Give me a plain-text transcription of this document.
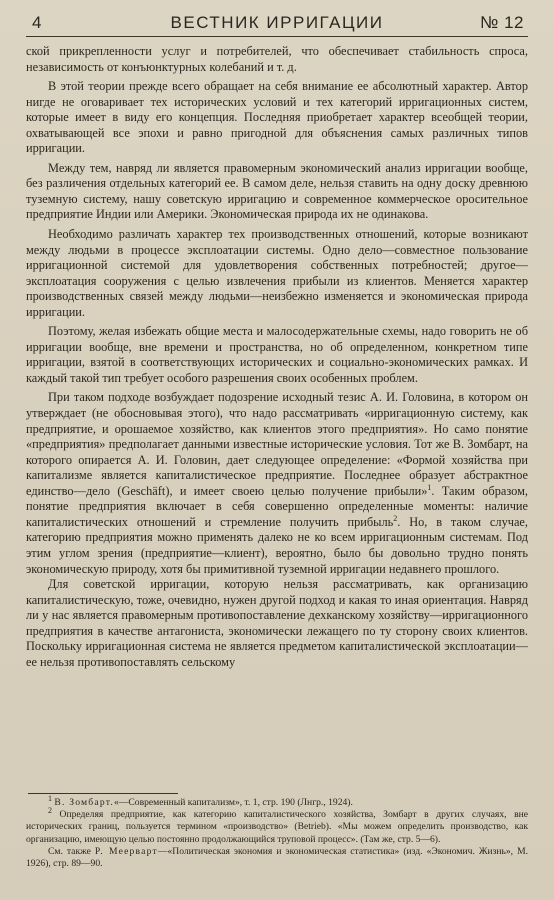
4	ВЕСТНИК ИРРИГАЦИИ	№ 12

ской прикрепленности услуг и потребителей, что обеспечивает стабильность спроса, независимость от конъюнктурных колебаний и т. д.

В этой теории прежде всего обращает на себя внимание ее абсолютный характер. Автор нигде не оговаривает тех исторических условий и тех категорий ирригационных систем, которые имеет в виду его концепция. Последняя приобретает характер всеобщей теории, охватывающей все эпохи и равно пригодной для объяснения самых различных типов ирригации.

Между тем, навряд ли является правомерным экономический анализ ирригации вообще, без различения отдельных категорий ее. В самом деле, нельзя ставить на одну доску древнюю туземную систему, нашу советскую ирригацию и современное коммерческое оросительное предприятие Индии или Америки. Экономическая природа их не одинакова.

Необходимо различать характер тех производственных отношений, которые возникают между людьми в процессе эксплоатации системы. Одно дело—совместное пользование ирригационной системой для удовлетворения собственных потребностей; другое—эксплоатация сооружения с целью извлечения прибыли из клиентов. Меняется характер производственных связей между людьми—неизбежно изменяется и экономическая природа ирригации.

Поэтому, желая избежать общие места и малосодержательные схемы, надо говорить не об ирригации вообще, вне времени и пространства, но об определенном, конкретном типе ирригации, взятой в соответствующих исторических и социально-экономических рамках. И каждый такой тип требует особого разрешения своих особенных проблем.

При таком подходе возбуждает подозрение исходный тезис А. И. Головина, в котором он утверждает (не обосновывая этого), что надо рассматривать «ирригационную систему, как предприятие, и орошаемое хозяйство, как клиентов этого предприятия». Но само понятие «предприятия» предполагает данными известные исторические условия. Тот же В. Зомбарт, на которого опирается А. И. Головин, дает следующее определение: «Формой хозяйства при капитализме является капиталистическое предприятие. Последнее образует абстрактное единство—дело (Geschäft), и имеет своею целью получение прибыли»$^1$. Таким образом, понятие предприятия включает в себя совершенно определенные моменты: наличие капиталистических отношений и стремление получить прибыль$^2$. Но, в таком случае, категорию предприятия можно применять далеко не ко всем ирригационным системам. Под этим углом зрения (предприятие—клиент), вероятно, было бы довольно трудно понять экономическую природу, хотя бы примитивной туземной ирригации недавнего прошлого.

Для советской ирригации, которую нельзя рассматривать, как организацию капиталистическую, тоже, очевидно, нужен другой подход и какая то иная ориентация. Навряд ли у нас является правомерным противопоставление дехканскому хозяйству—ирригационного предприятия в качестве антагониста, экономически лежащего по ту сторону своих клиентов. Поскольку ирригационная система не является предметом капиталистической эксплоатации—ее нельзя противопоставлять сельскому

$^1$ В. Зомбарт.«—Современный капитализм», т. 1, стр. 190 (Лнгр., 1924).

$^2$ Определяя предприятие, как категорию капиталистического хозяйства, Зомбарт в других случаях, вне исторических границ, пользуется термином «производство» (Betrieb). «Мы можем определить производство, как организацию, имеющую целью постоянно продолжающийся труповой процесс». (Там же, стр. 5—6).

См. также Р. Меерварт—«Политическая экономия и экономическая статистика» (изд. «Экономич. Жизнь», М. 1926), стр. 89—90.
